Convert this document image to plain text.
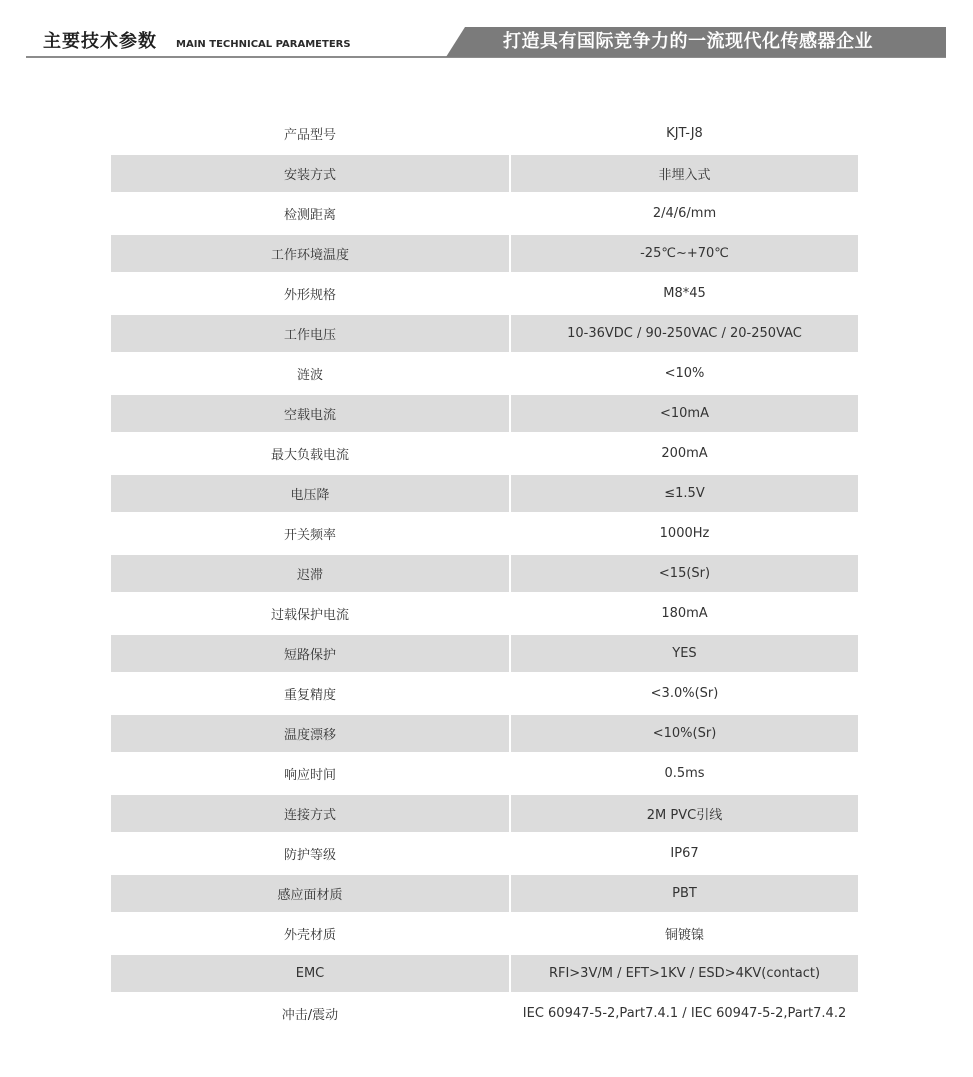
主要技术参数 MAIN TECHNICAL PARAMETERS	打造具有国际竞争力的一流现代化传感器企业
产品型号	KJT-J8
安装方式	非埋入式
检测距离	2/4/6/mm
工作环境温度	-25℃~+70℃
外形规格	M8*45
工作电压	10-36VDC / 90-250VAC / 20-250VAC
涟波	<10%
空载电流	<10mA
最大负载电流	200mA
电压降	≤1.5V
开关频率	1000Hz
迟滞	<15(Sr)
过载保护电流	180mA
短路保护	YES
重复精度	<3.0%(Sr)
温度漂移	<10%(Sr)
响应时间	0.5ms
连接方式	2M PVC引线
防护等级	IP67
感应面材质	PBT
外壳材质	铜镀镍
EMC	RFI>3V/M / EFT>1KV / ESD>4KV(contact)
冲击/震动	IEC 60947-5-2,Part7.4.1 / IEC 60947-5-2,Part7.4.2
